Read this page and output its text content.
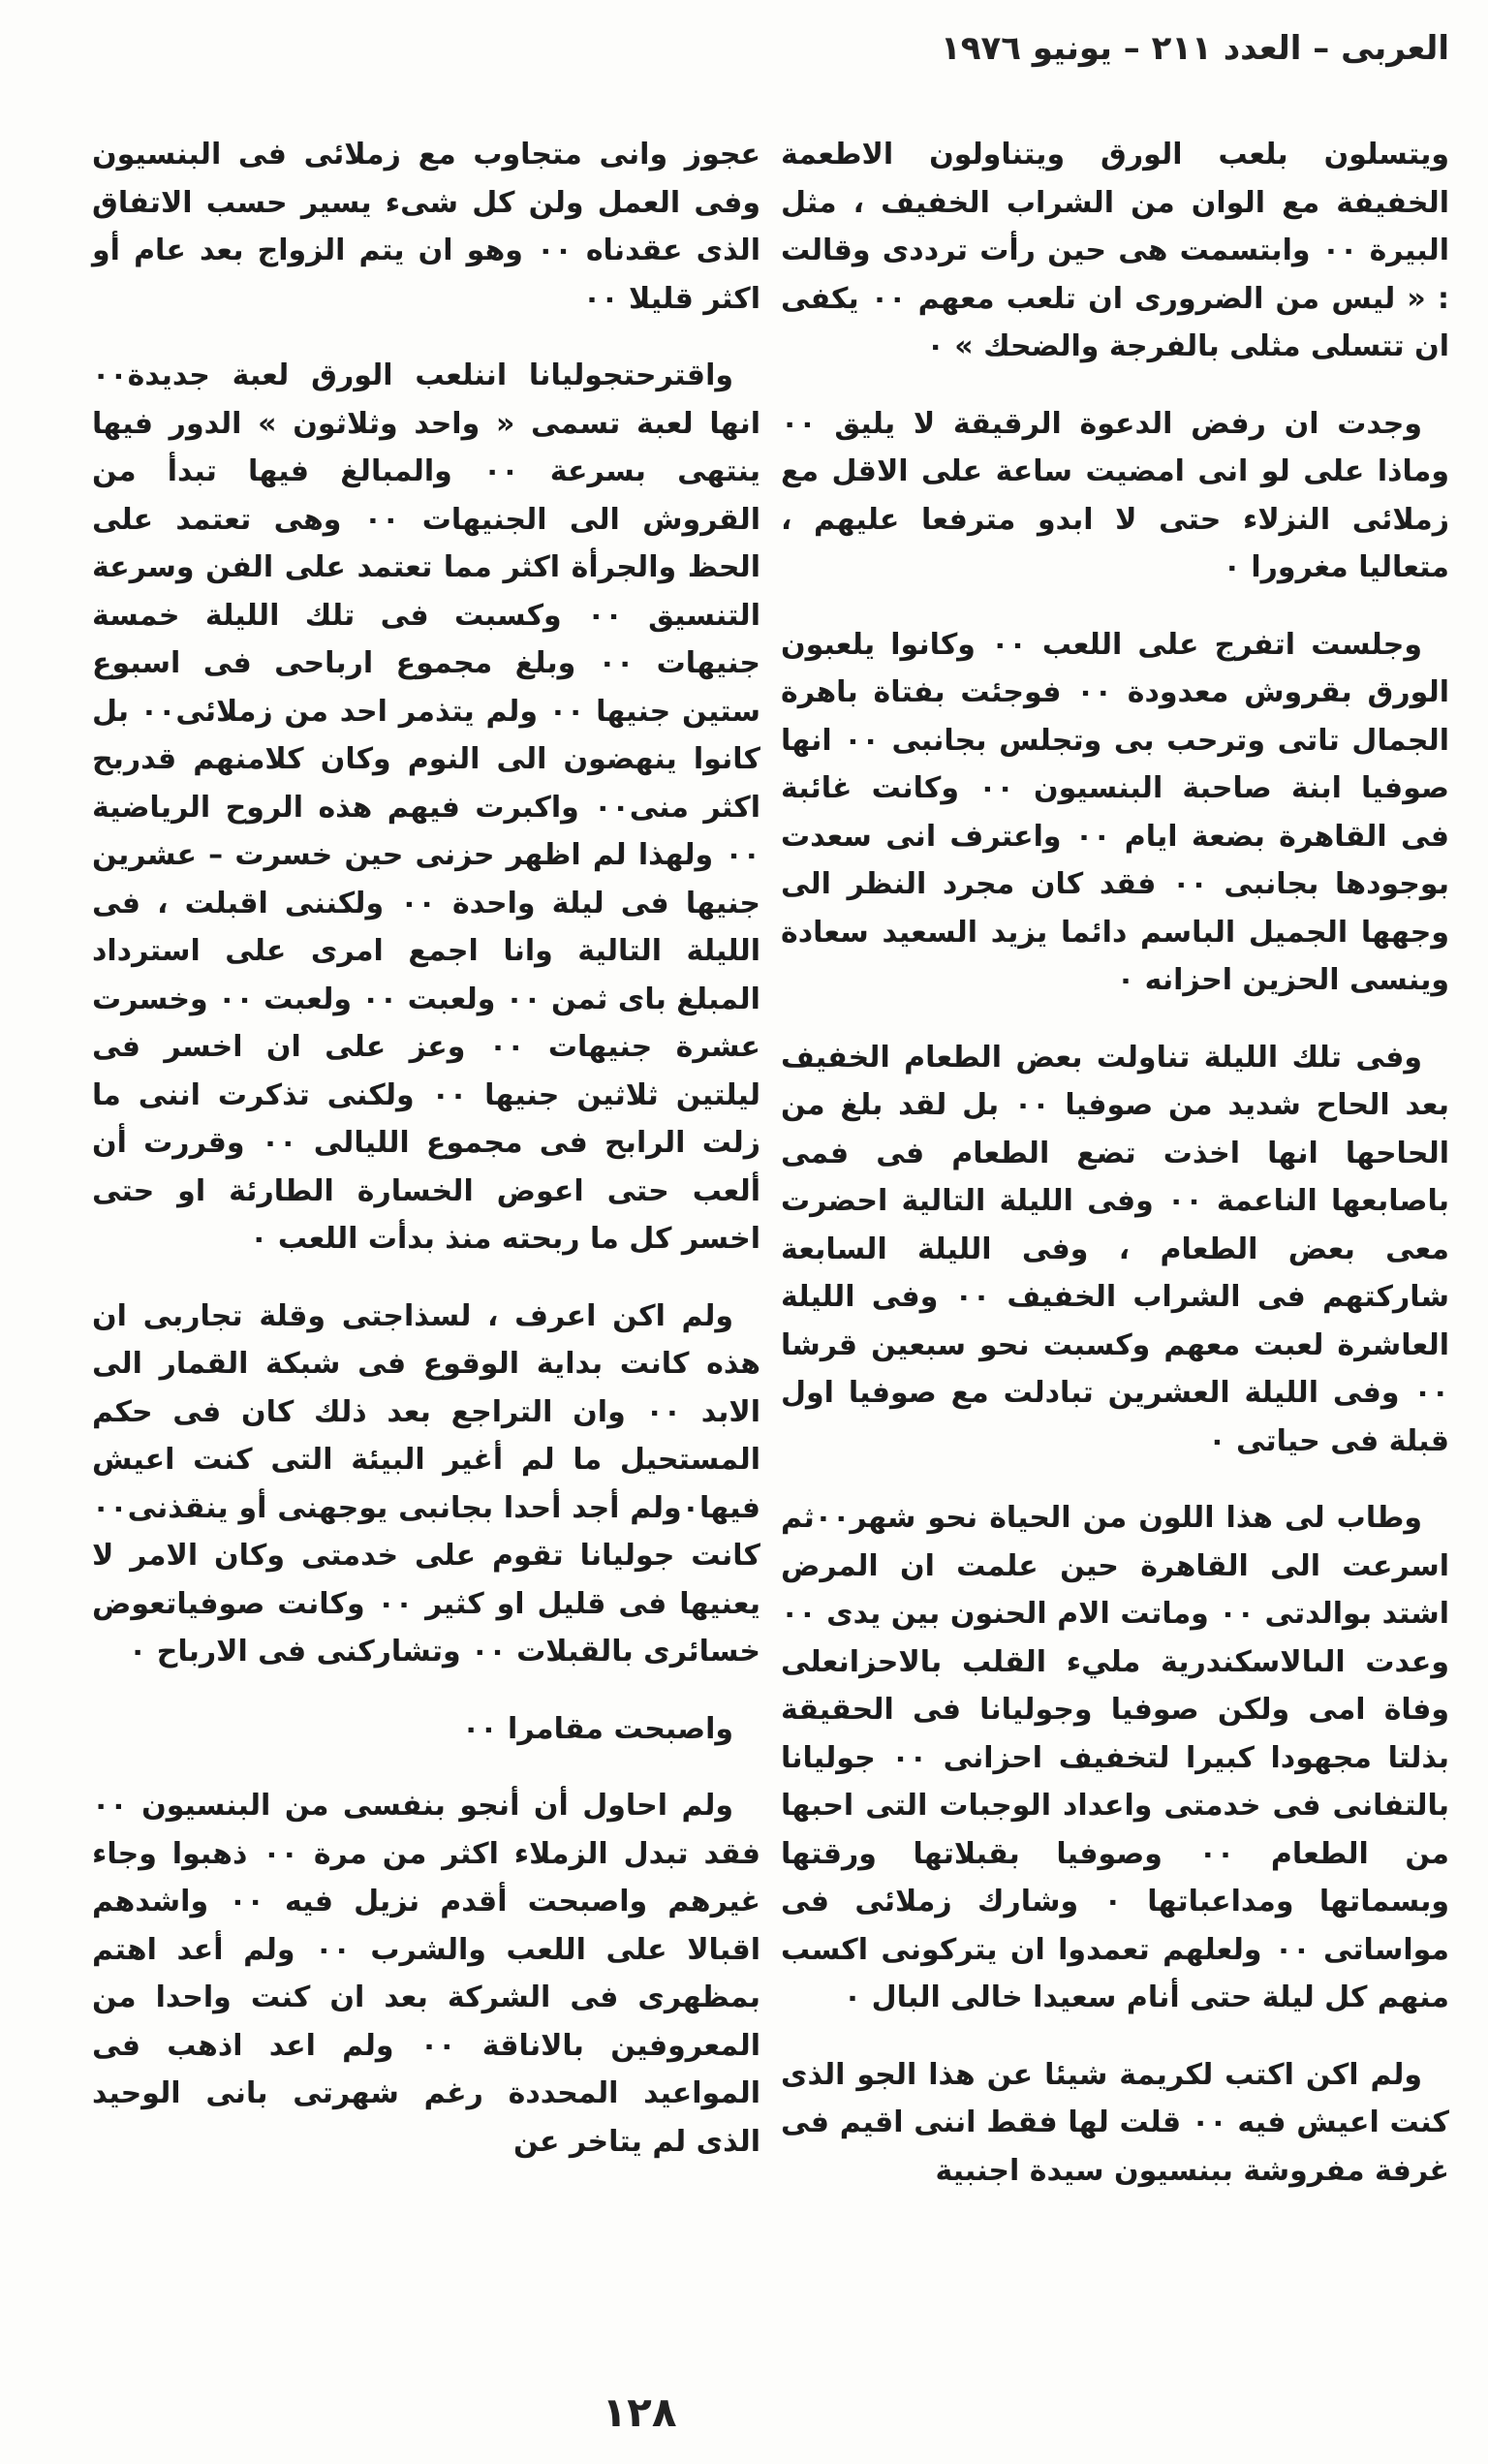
العربى – العدد ٢١١ – يونيو ١٩٧٦

ويتسلون بلعب الورق ويتناولون الاطعمة الخفيفة مع الوان من الشراب الخفيف ، مثل البيرة ٠٠ وابتسمت هى حين رأت ترددى وقالت : « ليس من الضرورى ان تلعب معهم ٠٠ يكفى ان تتسلى مثلى بالفرجة والضحك » ٠

وجدت ان رفض الدعوة الرقيقة لا يليق ٠٠ وماذا على لو انى امضيت ساعة على الاقل مع زملائى النزلاء حتى لا ابدو مترفعا عليهم ، متعاليا مغرورا ٠

وجلست اتفرج على اللعب ٠٠ وكانوا يلعبون الورق بقروش معدودة ٠٠ فوجئت بفتاة باهرة الجمال تاتى وترحب بى وتجلس بجانبى ٠٠ انها صوفيا ابنة صاحبة البنسيون ٠٠ وكانت غائبة فى القاهرة بضعة ايام ٠٠ واعترف انى سعدت بوجودها بجانبى ٠٠ فقد كان مجرد النظر الى وجهها الجميل الباسم دائما يزيد السعيد سعادة وينسى الحزين احزانه ٠

وفى تلك الليلة تناولت بعض الطعام الخفيف بعد الحاح شديد من صوفيا ٠٠ بل لقد بلغ من الحاحها انها اخذت تضع الطعام فى فمى باصابعها الناعمة ٠٠ وفى الليلة التالية احضرت معى بعض الطعام ، وفى الليلة السابعة شاركتهم فى الشراب الخفيف ٠٠ وفى الليلة العاشرة لعبت معهم وكسبت نحو سبعين قرشا ٠٠ وفى الليلة العشرين تبادلت مع صوفيا اول قبلة فى حياتى ٠

وطاب لى هذا اللون من الحياة نحو شهر٠٠ثم اسرعت الى القاهرة حين علمت ان المرض اشتد بوالدتى ٠٠ وماتت الام الحنون بين يدى ٠٠ وعدت الىالاسكندرية مليء القلب بالاحزانعلى وفاة امى ولكن صوفيا وجوليانا فى الحقيقة بذلتا مجهودا كبيرا لتخفيف احزانى ٠٠ جوليانا بالتفانى فى خدمتى واعداد الوجبات التى احبها من الطعام ٠٠ وصوفيا بقبلاتها ورقتها وبسماتها ومداعباتها ٠ وشارك زملائى فى مواساتى ٠٠ ولعلهم تعمدوا ان يتركونى اكسب منهم كل ليلة حتى أنام سعيدا خالى البال ٠

ولم اكن اكتب لكريمة شيئا عن هذا الجو الذى كنت اعيش فيه ٠٠ قلت لها فقط اننى اقيم فى غرفة مفروشة ببنسيون سيدة اجنبية

عجوز وانى متجاوب مع زملائى فى البنسيون وفى العمل ولن كل شىء يسير حسب الاتفاق الذى عقدناه ٠٠ وهو ان يتم الزواج بعد عام أو اكثر قليلا ٠٠

واقترحتجوليانا اننلعب الورق لعبة جديدة٠٠ انها لعبة تسمى « واحد وثلاثون » الدور فيها ينتهى بسرعة ٠٠ والمبالغ فيها تبدأ من القروش الى الجنيهات ٠٠ وهى تعتمد على الحظ والجرأة اكثر مما تعتمد على الفن وسرعة التنسيق ٠٠ وكسبت فى تلك الليلة خمسة جنيهات ٠٠ وبلغ مجموع ارباحى فى اسبوع ستين جنيها ٠٠ ولم يتذمر احد من زملائى٠٠ بل كانوا ينهضون الى النوم وكان كلامنهم قدربح اكثر منى٠٠ واكبرت فيهم هذه الروح الرياضية ٠٠ ولهذا لم اظهر حزنى حين خسرت – عشرين جنيها فى ليلة واحدة ٠٠ ولكننى اقبلت ، فى الليلة التالية وانا اجمع امرى على استرداد المبلغ باى ثمن ٠٠ ولعبت ٠٠ ولعبت ٠٠ وخسرت عشرة جنيهات ٠٠ وعز على ان اخسر فى ليلتين ثلاثين جنيها ٠٠ ولكنى تذكرت اننى ما زلت الرابح فى مجموع الليالى ٠٠ وقررت أن ألعب حتى اعوض الخسارة الطارئة او حتى اخسر كل ما ربحته منذ بدأت اللعب ٠

ولم اكن اعرف ، لسذاجتى وقلة تجاربى ان هذه كانت بداية الوقوع فى شبكة القمار الى الابد ٠٠ وان التراجع بعد ذلك كان فى حكم المستحيل ما لم أغير البيئة التى كنت اعيش فيها٠ولم أجد أحدا بجانبى يوجهنى أو ينقذنى٠٠ كانت جوليانا تقوم على خدمتى وكان الامر لا يعنيها فى قليل او كثير ٠٠ وكانت صوفياتعوض خسائرى بالقبلات ٠٠ وتشاركنى فى الارباح ٠

واصبحت مقامرا ٠٠

ولم احاول أن أنجو بنفسى من البنسيون ٠٠ فقد تبدل الزملاء اكثر من مرة ٠٠ ذهبوا وجاء غيرهم واصبحت أقدم نزيل فيه ٠٠ واشدهم اقبالا على اللعب والشرب ٠٠ ولم أعد اهتم بمظهرى فى الشركة بعد ان كنت واحدا من المعروفين بالاناقة ٠٠ ولم اعد اذهب فى المواعيد المحددة رغم شهرتى بانى الوحيد الذى لم يتاخر عن

١٢٨
